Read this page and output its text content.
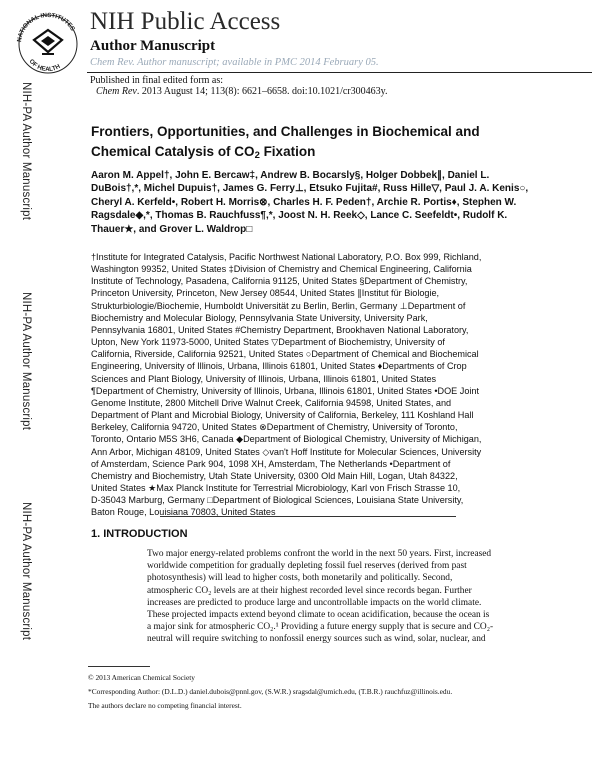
NATIONAL INSTITUTES
OF HEALTH
NIH Public Access
Author Manuscript
Chem Rev. Author manuscript; available in PMC 2014 February 05.
Published in final edited form as:
Chem Rev. 2013 August 14; 113(8): 6621–6658. doi:10.1021/cr300463y.
NIH-PA Author Manuscript
NIH-PA Author Manuscript
NIH-PA Author Manuscript
Frontiers, Opportunities, and Challenges in Biochemical and
Chemical Catalysis of $CO_2$ Fixation
Aaron M. Appel†, John E. Bercaw‡, Andrew B. Bocarsly§, Holger Dobbek∥, Daniel L.
DuBois†,*, Michel Dupuis†, James G. Ferry⊥, Etsuko Fujita#, Russ Hille▽, Paul J. A. Kenis○,
Cheryl A. Kerfeld•, Robert H. Morris⊗, Charles H. F. Peden†, Archie R. Portis♦, Stephen W.
Ragsdale◆,*, Thomas B. Rauchfuss¶,*, Joost N. H. Reek◇, Lance C. Seefeldt•, Rudolf K.
Thauer★, and Grover L. Waldrop□
†Institute for Integrated Catalysis, Pacific Northwest National Laboratory, P.O. Box 999, Richland,
Washington 99352, United States ‡Division of Chemistry and Chemical Engineering, California
Institute of Technology, Pasadena, California 91125, United States §Department of Chemistry,
Princeton University, Princeton, New Jersey 08544, United States ∥Institut für Biologie,
Strukturbiologie/Biochemie, Humboldt Universität zu Berlin, Berlin, Germany ⊥Department of
Biochemistry and Molecular Biology, Pennsylvania State University, University Park,
Pennsylvania 16801, United States #Chemistry Department, Brookhaven National Laboratory,
Upton, New York 11973-5000, United States ▽Department of Biochemistry, University of
California, Riverside, California 92521, United States ○Department of Chemical and Biochemical
Engineering, University of Illinois, Urbana, Illinois 61801, United States ♦Departments of Crop
Sciences and Plant Biology, University of Illinois, Urbana, Illinois 61801, United States
¶Department of Chemistry, University of Illinois, Urbana, Illinois 61801, United States •DOE Joint
Genome Institute, 2800 Mitchell Drive Walnut Creek, California 94598, United States, and
Department of Plant and Microbial Biology, University of California, Berkeley, 111 Koshland Hall
Berkeley, California 94720, United States ⊗Department of Chemistry, University of Toronto,
Toronto, Ontario M5S 3H6, Canada ◆Department of Biological Chemistry, University of Michigan,
Ann Arbor, Michigan 48109, United States ◇van't Hoff Institute for Molecular Sciences, University
of Amsterdam, Science Park 904, 1098 XH, Amsterdam, The Netherlands •Department of
Chemistry and Biochemistry, Utah State University, 0300 Old Main Hill, Logan, Utah 84322,
United States ★Max Planck Institute for Terrestrial Microbiology, Karl von Frisch Strasse 10,
D-35043 Marburg, Germany □Department of Biological Sciences, Louisiana State University,
Baton Rouge, Louisiana 70803, United States
1. INTRODUCTION
Two major energy-related problems confront the world in the next 50 years. First, increased
worldwide competition for gradually depleting fossil fuel reserves (derived from past
photosynthesis) will lead to higher costs, both monetarily and politically. Second,
atmospheric CO₂ levels are at their highest recorded level since records began. Further
increases are predicted to produce large and uncontrollable impacts on the world climate.
These projected impacts extend beyond climate to ocean acidification, because the ocean is
a major sink for atmospheric CO₂.¹ Providing a future energy supply that is secure and CO₂-
neutral will require switching to nonfossil energy sources such as wind, solar, nuclear, and
© 2013 American Chemical Society
*Corresponding Author: (D.L.D.) daniel.dubois@pnnl.gov, (S.W.R.) sragsdal@umich.edu, (T.B.R.) rauchfuz@illinois.edu.
The authors declare no competing financial interest.
